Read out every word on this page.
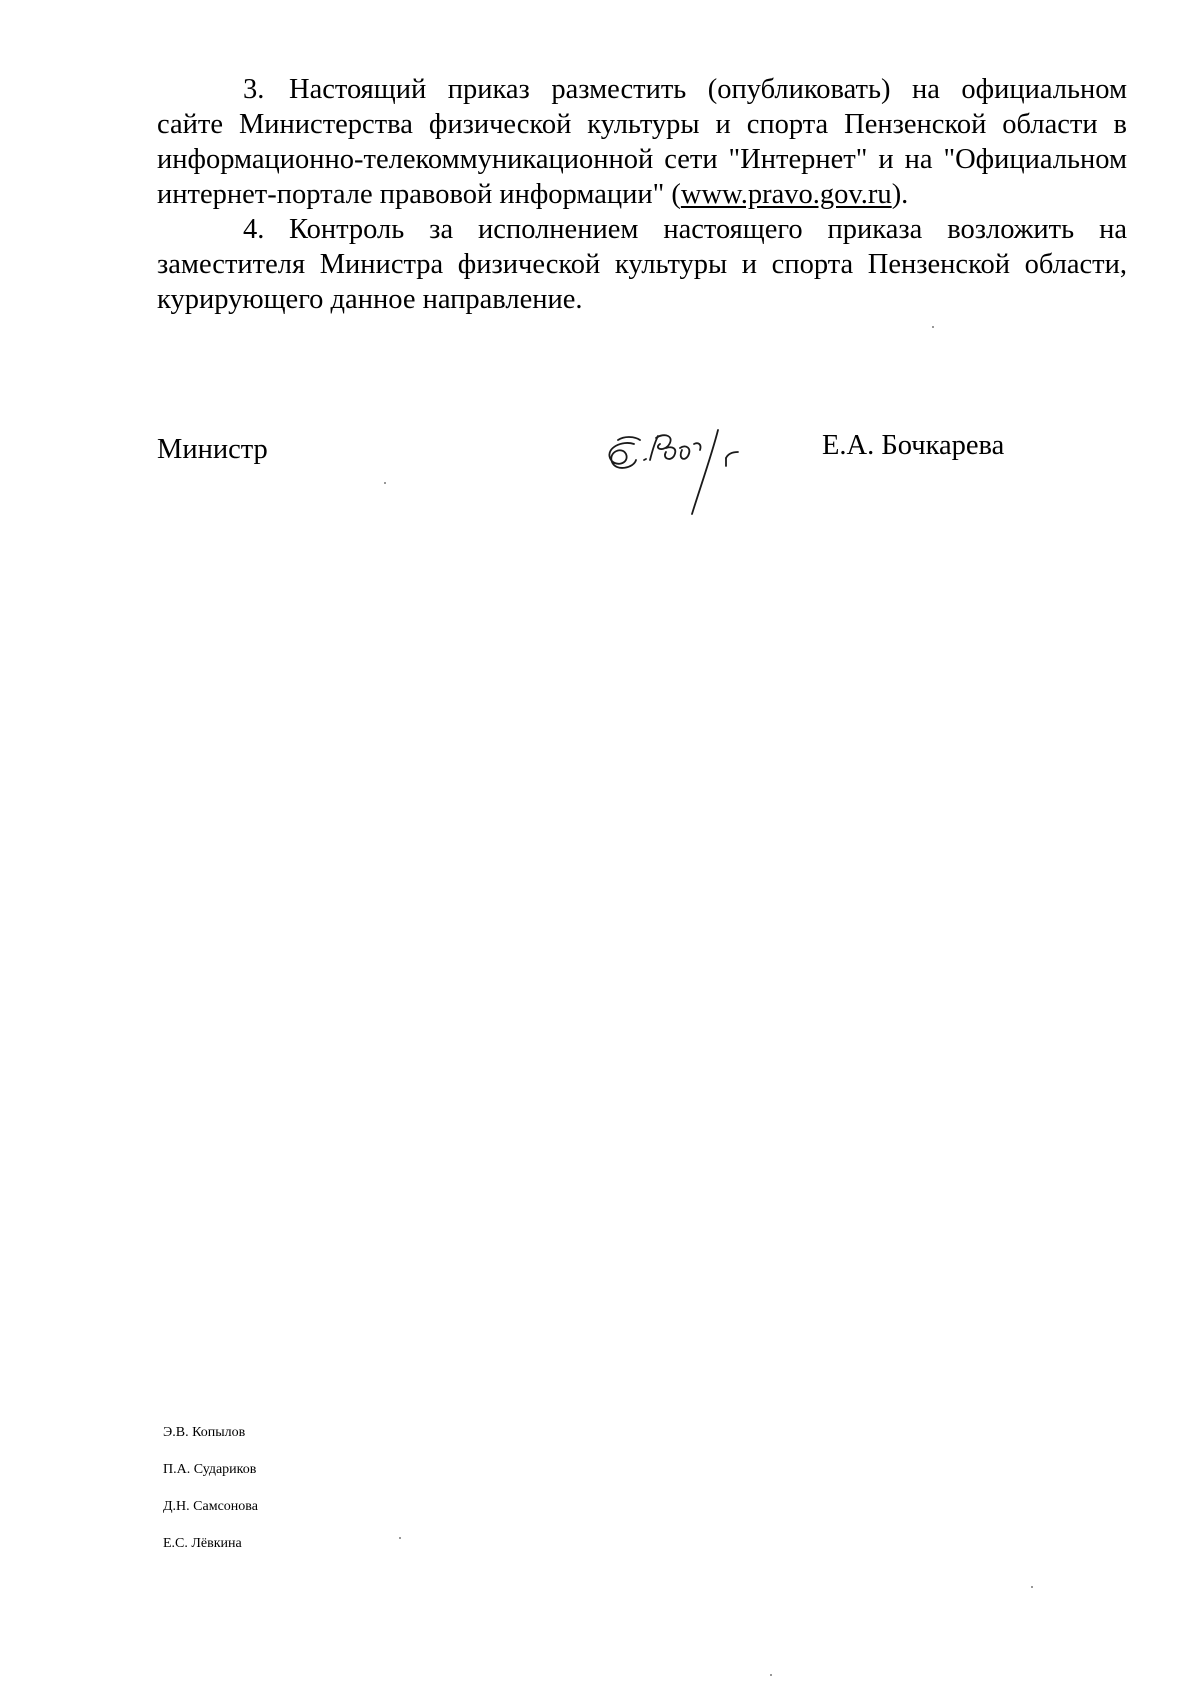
3. Настоящий приказ разместить (опубликовать) на официальном сайте Министерства физической культуры и спорта Пензенской области в информационно-телекоммуникационной сети "Интернет" и на "Официальном интернет-портале правовой информации" (www.pravo.gov.ru).

4. Контроль за исполнением настоящего приказа возложить на заместителя Министра физической культуры и спорта Пензенской области, курирующего данное направление.

Министр	Е.А. Бочкарева
Э.В. Копылов
П.А. Судариков
Д.Н. Самсонова
Е.С. Лёвкина
